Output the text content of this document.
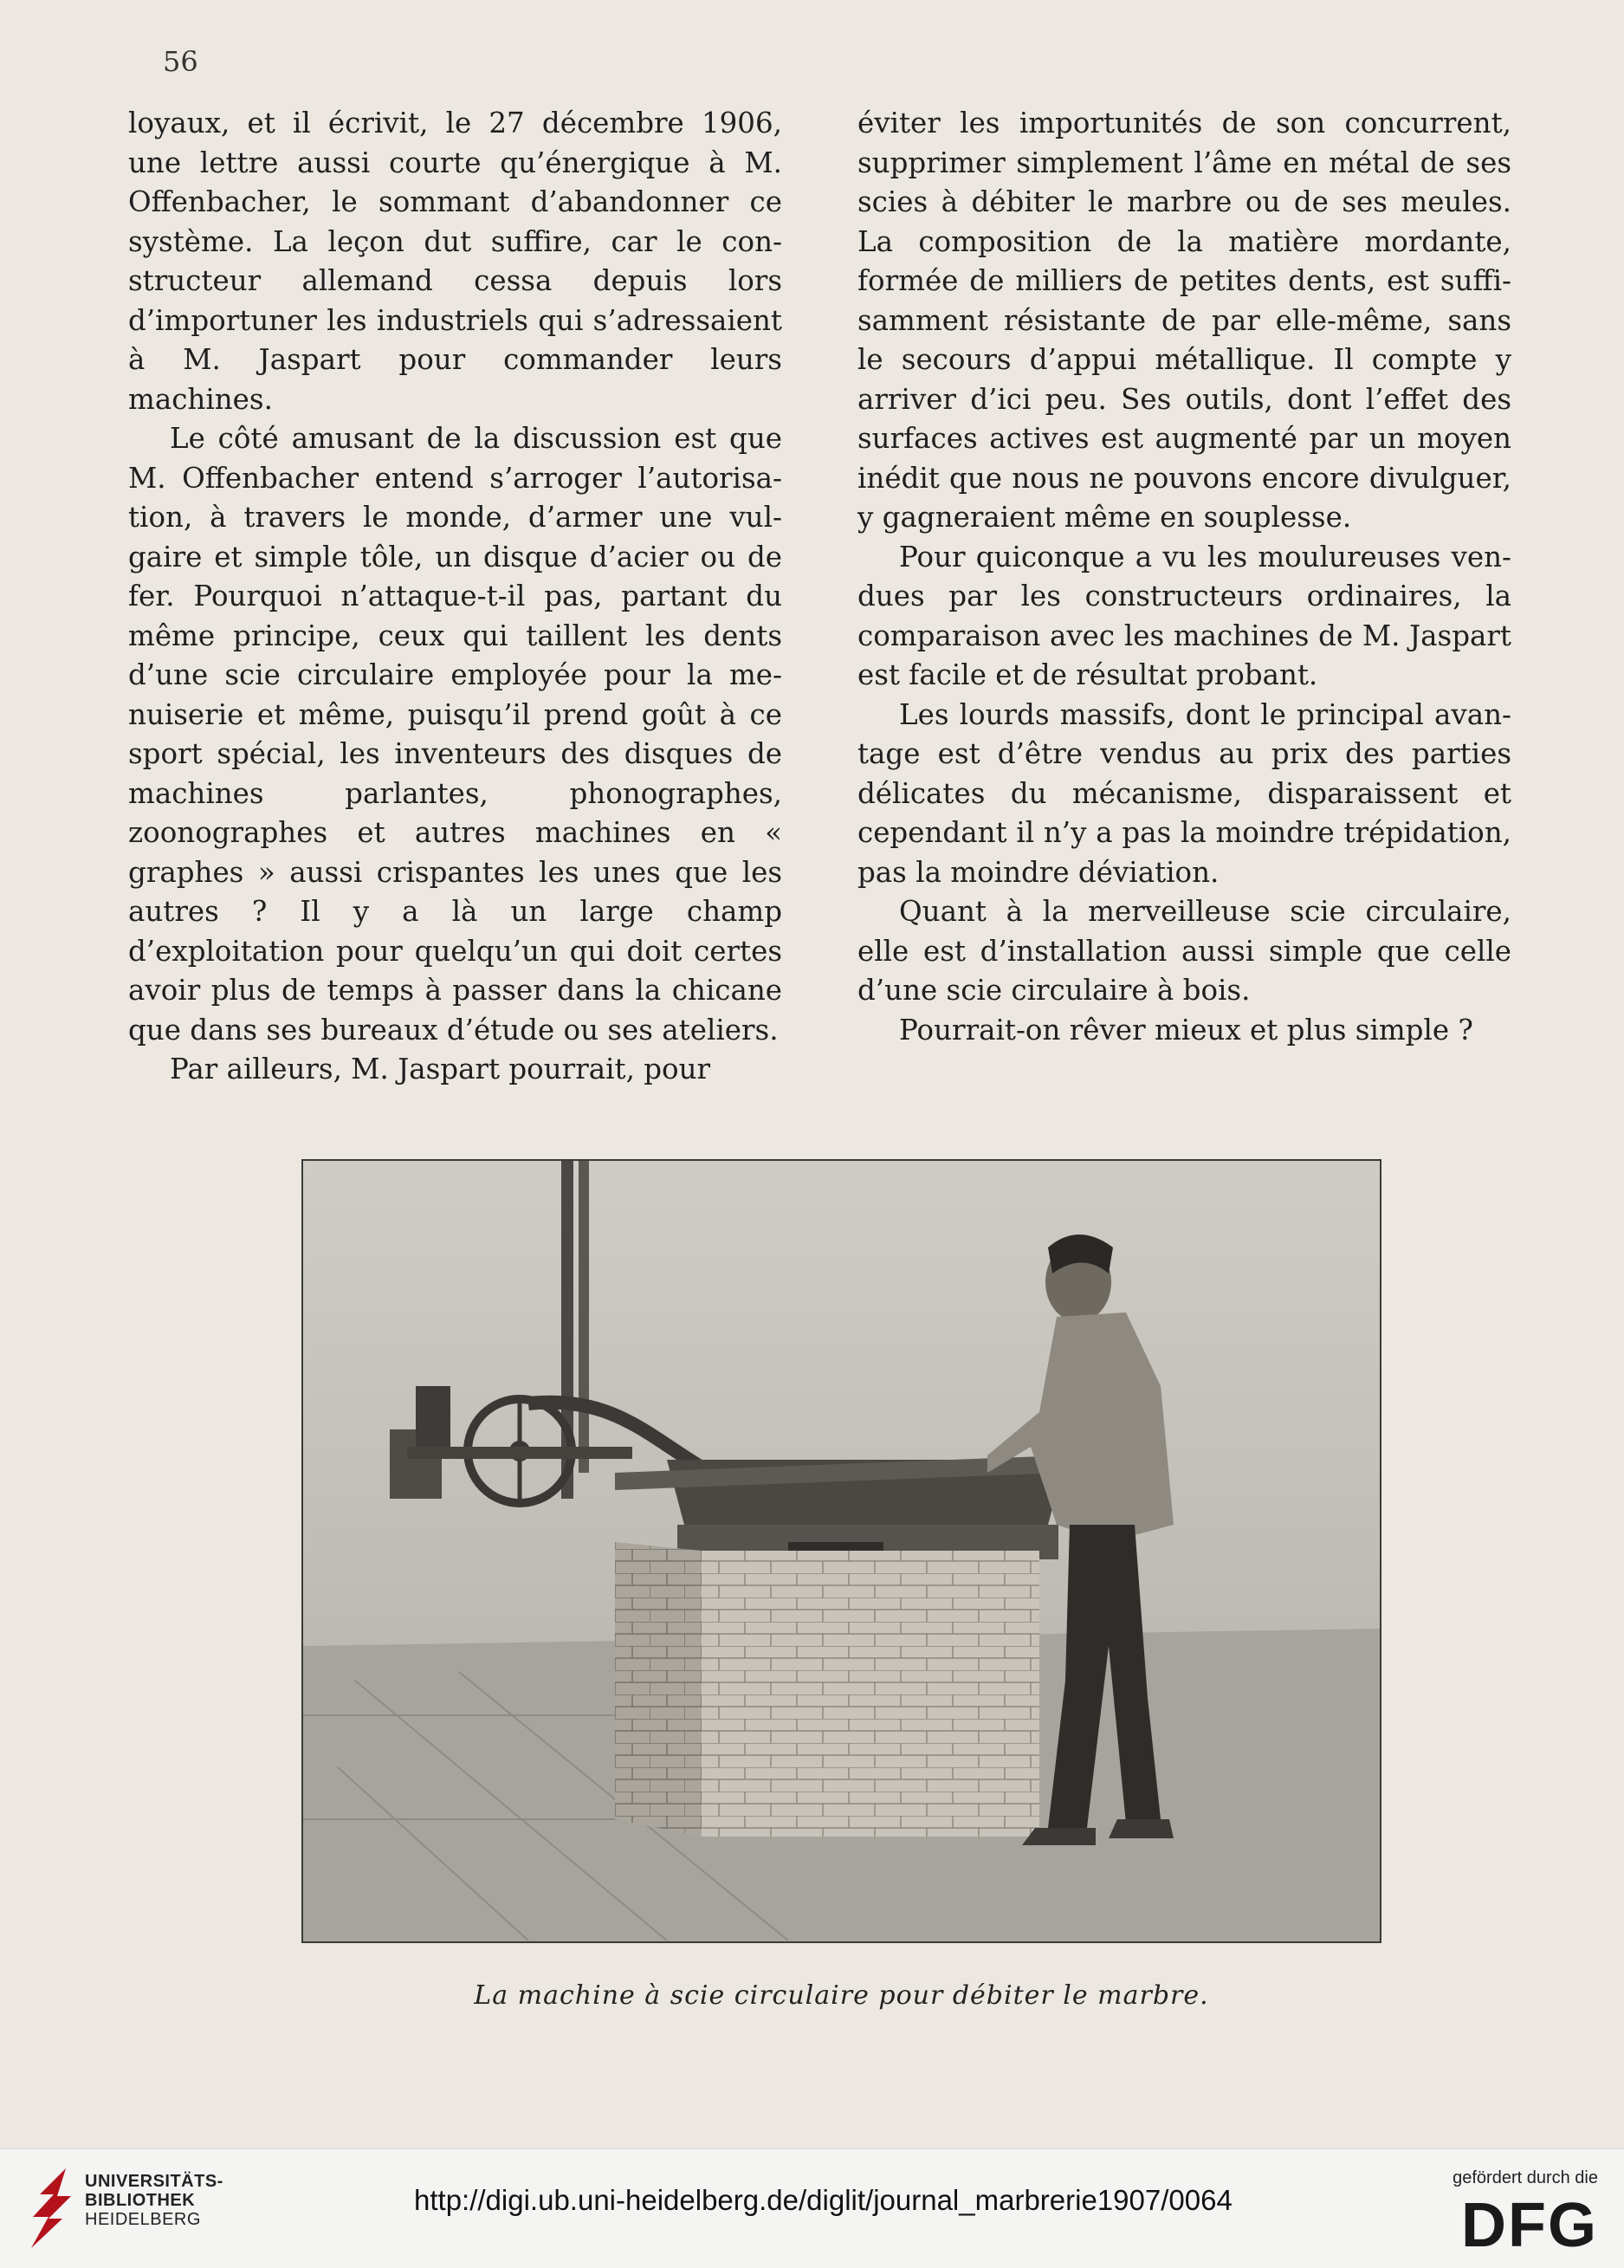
56

loyaux, et il écrivit, le 27 décembre 1906, une lettre aussi courte qu’énergique à M. Offenbacher, le sommant d’abandonner ce système. La leçon dut suffire, car le constructeur allemand cessa depuis lors d’importuner les industriels qui s’adressaient à M. Jaspart pour commander leurs machines.

Le côté amusant de la discussion est que M. Offenbacher entend s’arroger l’autorisation, à travers le monde, d’armer une vulgaire et simple tôle, un disque d’acier ou de fer. Pourquoi n’attaque-t-il pas, partant du même principe, ceux qui taillent les dents d’une scie circulaire employée pour la menuiserie et même, puisqu’il prend goût à ce sport spécial, les inventeurs des disques de machines parlantes, phonographes, zoonographes et autres machines en « graphes » aussi crispantes les unes que les autres ? Il y a là un large champ d’exploitation pour quelqu’un qui doit certes avoir plus de temps à passer dans la chicane que dans ses bureaux d’étude ou ses ateliers.

Par ailleurs, M. Jaspart pourrait, pour

éviter les importunités de son concurrent, supprimer simplement l’âme en métal de ses scies à débiter le marbre ou de ses meules. La composition de la matière mordante, formée de milliers de petites dents, est suffisamment résistante de par elle-même, sans le secours d’appui métallique. Il compte y arriver d’ici peu. Ses outils, dont l’effet des surfaces actives est augmenté par un moyen inédit que nous ne pouvons encore divulguer, y gagneraient même en souplesse.

Pour quiconque a vu les moulureuses vendues par les constructeurs ordinaires, la comparaison avec les machines de M. Jaspart est facile et de résultat probant.

Les lourds massifs, dont le principal avantage est d’être vendus au prix des parties délicates du mécanisme, disparaissent et cependant il n’y a pas la moindre trépidation, pas la moindre déviation.

Quant à la merveilleuse scie circulaire, elle est d’installation aussi simple que celle d’une scie circulaire à bois.

Pourrait-on rêver mieux et plus simple ?

La machine à scie circulaire pour débiter le marbre.
UNIVERSITÄTS-
BIBLIOTHEK
HEIDELBERG
http://digi.ub.uni-heidelberg.de/diglit/journal_marbrerie1907/0064
gefördert durch die
DFG
